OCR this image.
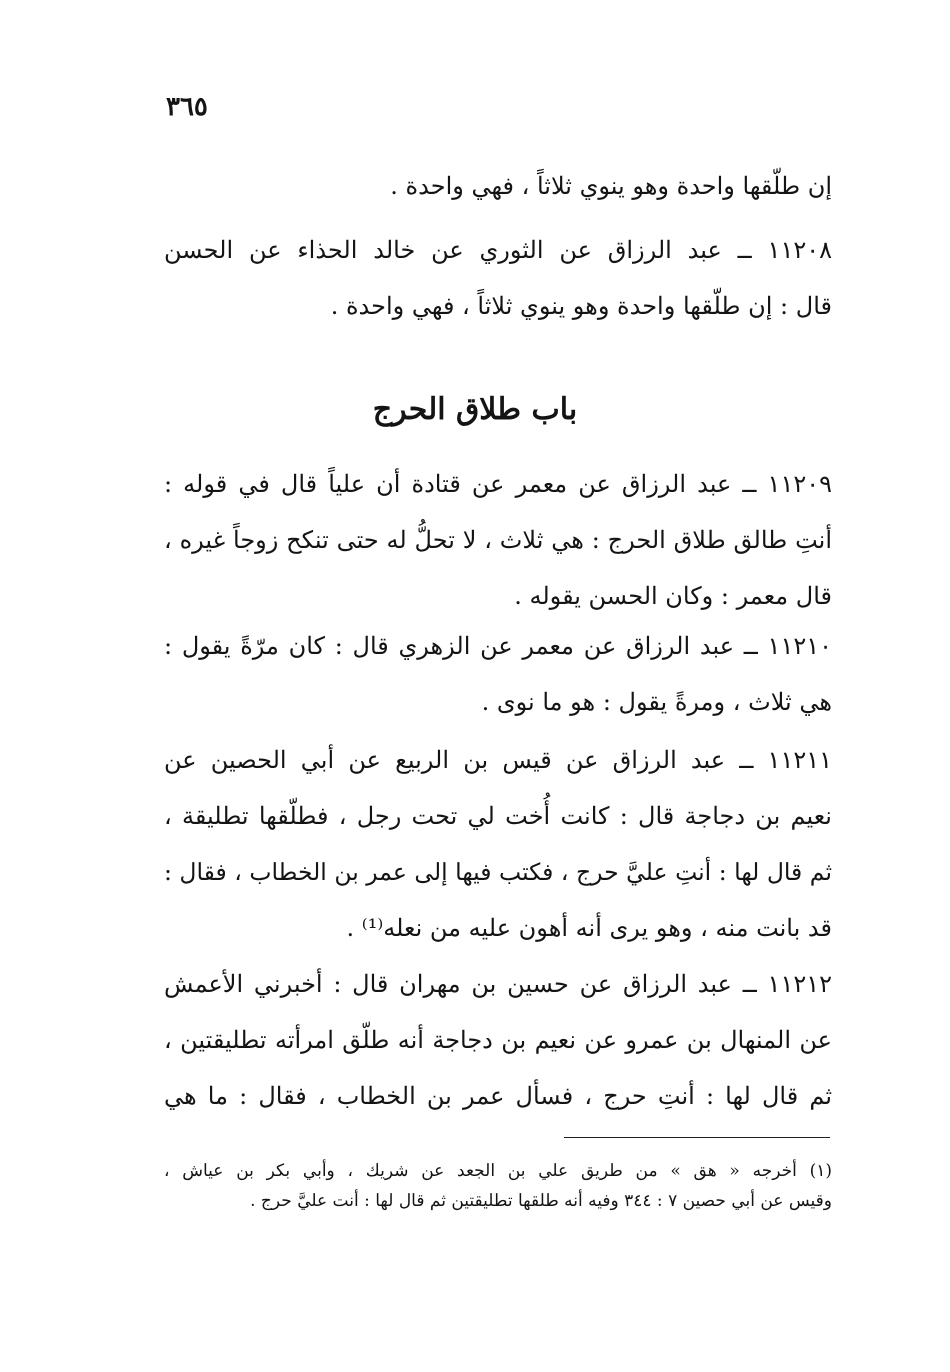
٣٦٥
إن طلّقها واحدة وهو ينوي ثلاثاً ، فهي واحدة .
١١٢٠٨ ــ عبد الرزاق عن الثوري عن خالد الحذاء عن الحسن
قال : إن طلّقها واحدة وهو ينوي ثلاثاً ، فهي واحدة .
باب طلاق الحرج
١١٢٠٩ ــ عبد الرزاق عن معمر عن قتادة أن علياً قال في قوله :
أنتِ طالق طلاق الحرج : هي ثلاث ، لا تحلُّ له حتى تنكح زوجاً غيره ،
قال معمر : وكان الحسن يقوله .
١١٢١٠ ــ عبد الرزاق عن معمر عن الزهري قال : كان مرّةً يقول :
هي ثلاث ، ومرةً يقول : هو ما نوى .
١١٢١١ ــ عبد الرزاق عن قيس بن الربيع عن أبي الحصين عن
نعيم بن دجاجة قال : كانت أُخت لي تحت رجل ، فطلّقها تطليقة ،
ثم قال لها : أنتِ عليَّ حرج ، فكتب فيها إلى عمر بن الخطاب ، فقال :
قد بانت منه ، وهو يرى أنه أهون عليه من نعله⁽¹⁾ .
١١٢١٢ ــ عبد الرزاق عن حسين بن مهران قال : أخبرني الأعمش
عن المنهال بن عمرو عن نعيم بن دجاجة أنه طلّق امرأته تطليقتين ،
ثم قال لها : أنتِ حرج ، فسأل عمر بن الخطاب ، فقال : ما هي
(١) أخرجه « هق » من طريق علي بن الجعد عن شريك ، وأبي بكر بن عياش ،
وقيس عن أبي حصين ٧ : ٣٤٤ وفيه أنه طلقها تطليقتين ثم قال لها : أنت عليَّ حرج .
